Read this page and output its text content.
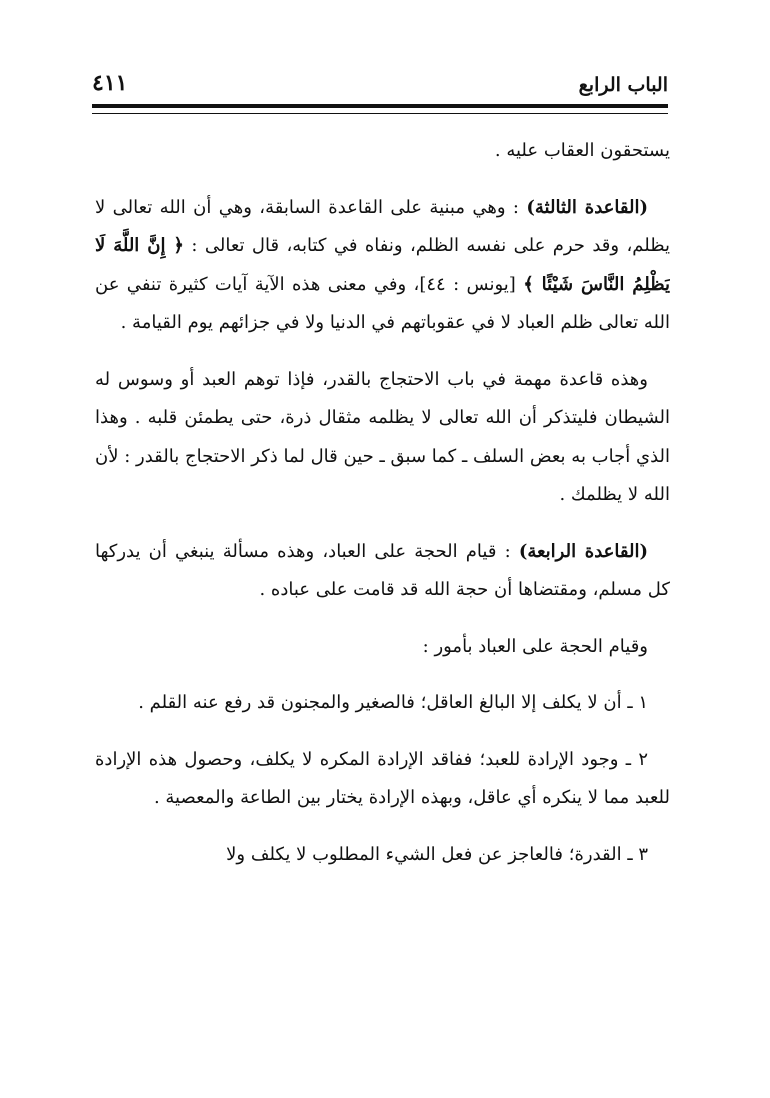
الباب الرابع
٤١١

يستحقون العقاب عليه .

(القاعدة الثالثة) : وهي مبنية على القاعدة السابقة، وهي أن الله تعالى لا يظلم، وقد حرم على نفسه الظلم، ونفاه في كتابه، قال تعالى : ﴿ إِنَّ اللَّهَ لَا يَظْلِمُ النَّاسَ شَيْئًا ﴾ [يونس : ٤٤]، وفي معنى هذه الآية آيات كثيرة تنفي عن الله تعالى ظلم العباد لا في عقوباتهم في الدنيا ولا في جزائهم يوم القيامة .

وهذه قاعدة مهمة في باب الاحتجاج بالقدر، فإذا توهم العبد أو وسوس له الشيطان فليتذكر أن الله تعالى لا يظلمه مثقال ذرة، حتى يطمئن قلبه . وهذا الذي أجاب به بعض السلف ـ كما سبق ـ حين قال لما ذكر الاحتجاج بالقدر : لأن الله لا يظلمك .

(القاعدة الرابعة) : قيام الحجة على العباد، وهذه مسألة ينبغي أن يدركها كل مسلم، ومقتضاها أن حجة الله قد قامت على عباده .

وقيام الحجة على العباد بأمور :

١ ـ أن لا يكلف إلا البالغ العاقل؛ فالصغير والمجنون قد رفع عنه القلم .

٢ ـ وجود الإرادة للعبد؛ ففاقد الإرادة المكره لا يكلف، وحصول هذه الإرادة للعبد مما لا ينكره أي عاقل، وبهذه الإرادة يختار بين الطاعة والمعصية .

٣ ـ القدرة؛ فالعاجز عن فعل الشيء المطلوب لا يكلف ولا
